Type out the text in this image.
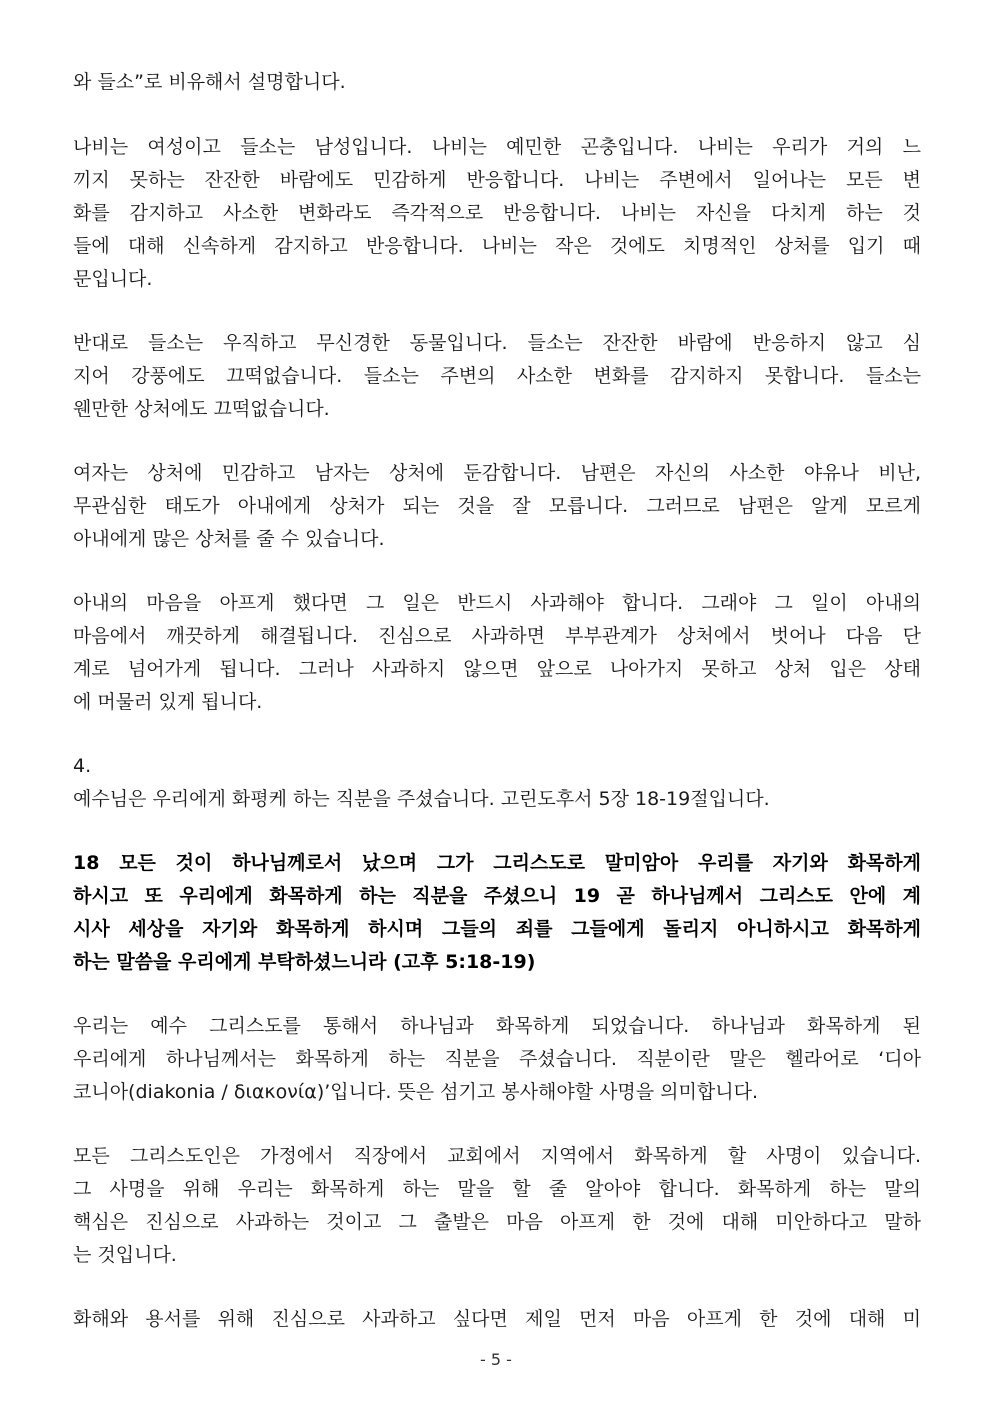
와 들소”로 비유해서 설명합니다.
나비는 여성이고 들소는 남성입니다. 나비는 예민한 곤충입니다. 나비는 우리가 거의 느
끼지 못하는 잔잔한 바람에도 민감하게 반응합니다. 나비는 주변에서 일어나는 모든 변
화를 감지하고 사소한 변화라도 즉각적으로 반응합니다. 나비는 자신을 다치게 하는 것
들에 대해 신속하게 감지하고 반응합니다. 나비는 작은 것에도 치명적인 상처를 입기 때
문입니다.
반대로 들소는 우직하고 무신경한 동물입니다. 들소는 잔잔한 바람에 반응하지 않고 심
지어 강풍에도 끄떡없습니다. 들소는 주변의 사소한 변화를 감지하지 못합니다. 들소는
웬만한 상처에도 끄떡없습니다.
여자는 상처에 민감하고 남자는 상처에 둔감합니다. 남편은 자신의 사소한 야유나 비난,
무관심한 태도가 아내에게 상처가 되는 것을 잘 모릅니다. 그러므로 남편은 알게 모르게
아내에게 많은 상처를 줄 수 있습니다.
아내의 마음을 아프게 했다면 그 일은 반드시 사과해야 합니다. 그래야 그 일이 아내의
마음에서 깨끗하게 해결됩니다. 진심으로 사과하면 부부관계가 상처에서 벗어나 다음 단
계로 넘어가게 됩니다. 그러나 사과하지 않으면 앞으로 나아가지 못하고 상처 입은 상태
에 머물러 있게 됩니다.
4.
예수님은 우리에게 화평케 하는 직분을 주셨습니다. 고린도후서 5장 18-19절입니다.
18 모든 것이 하나님께로서 났으며 그가 그리스도로 말미암아 우리를 자기와 화목하게
하시고 또 우리에게 화목하게 하는 직분을 주셨으니 19 곧 하나님께서 그리스도 안에 계
시사 세상을 자기와 화목하게 하시며 그들의 죄를 그들에게 돌리지 아니하시고 화목하게
하는 말씀을 우리에게 부탁하셨느니라 (고후 5:18-19)
우리는 예수 그리스도를 통해서 하나님과 화목하게 되었습니다. 하나님과 화목하게 된
우리에게 하나님께서는 화목하게 하는 직분을 주셨습니다. 직분이란 말은 헬라어로 ‘디아
코니아(diakonia / διακονία)’입니다. 뜻은 섬기고 봉사해야할 사명을 의미합니다.
모든 그리스도인은 가정에서 직장에서 교회에서 지역에서 화목하게 할 사명이 있습니다.
그 사명을 위해 우리는 화목하게 하는 말을 할 줄 알아야 합니다. 화목하게 하는 말의
핵심은 진심으로 사과하는 것이고 그 출발은 마음 아프게 한 것에 대해 미안하다고 말하
는 것입니다.
화해와 용서를 위해 진심으로 사과하고 싶다면 제일 먼저 마음 아프게 한 것에 대해 미
- 5 -
